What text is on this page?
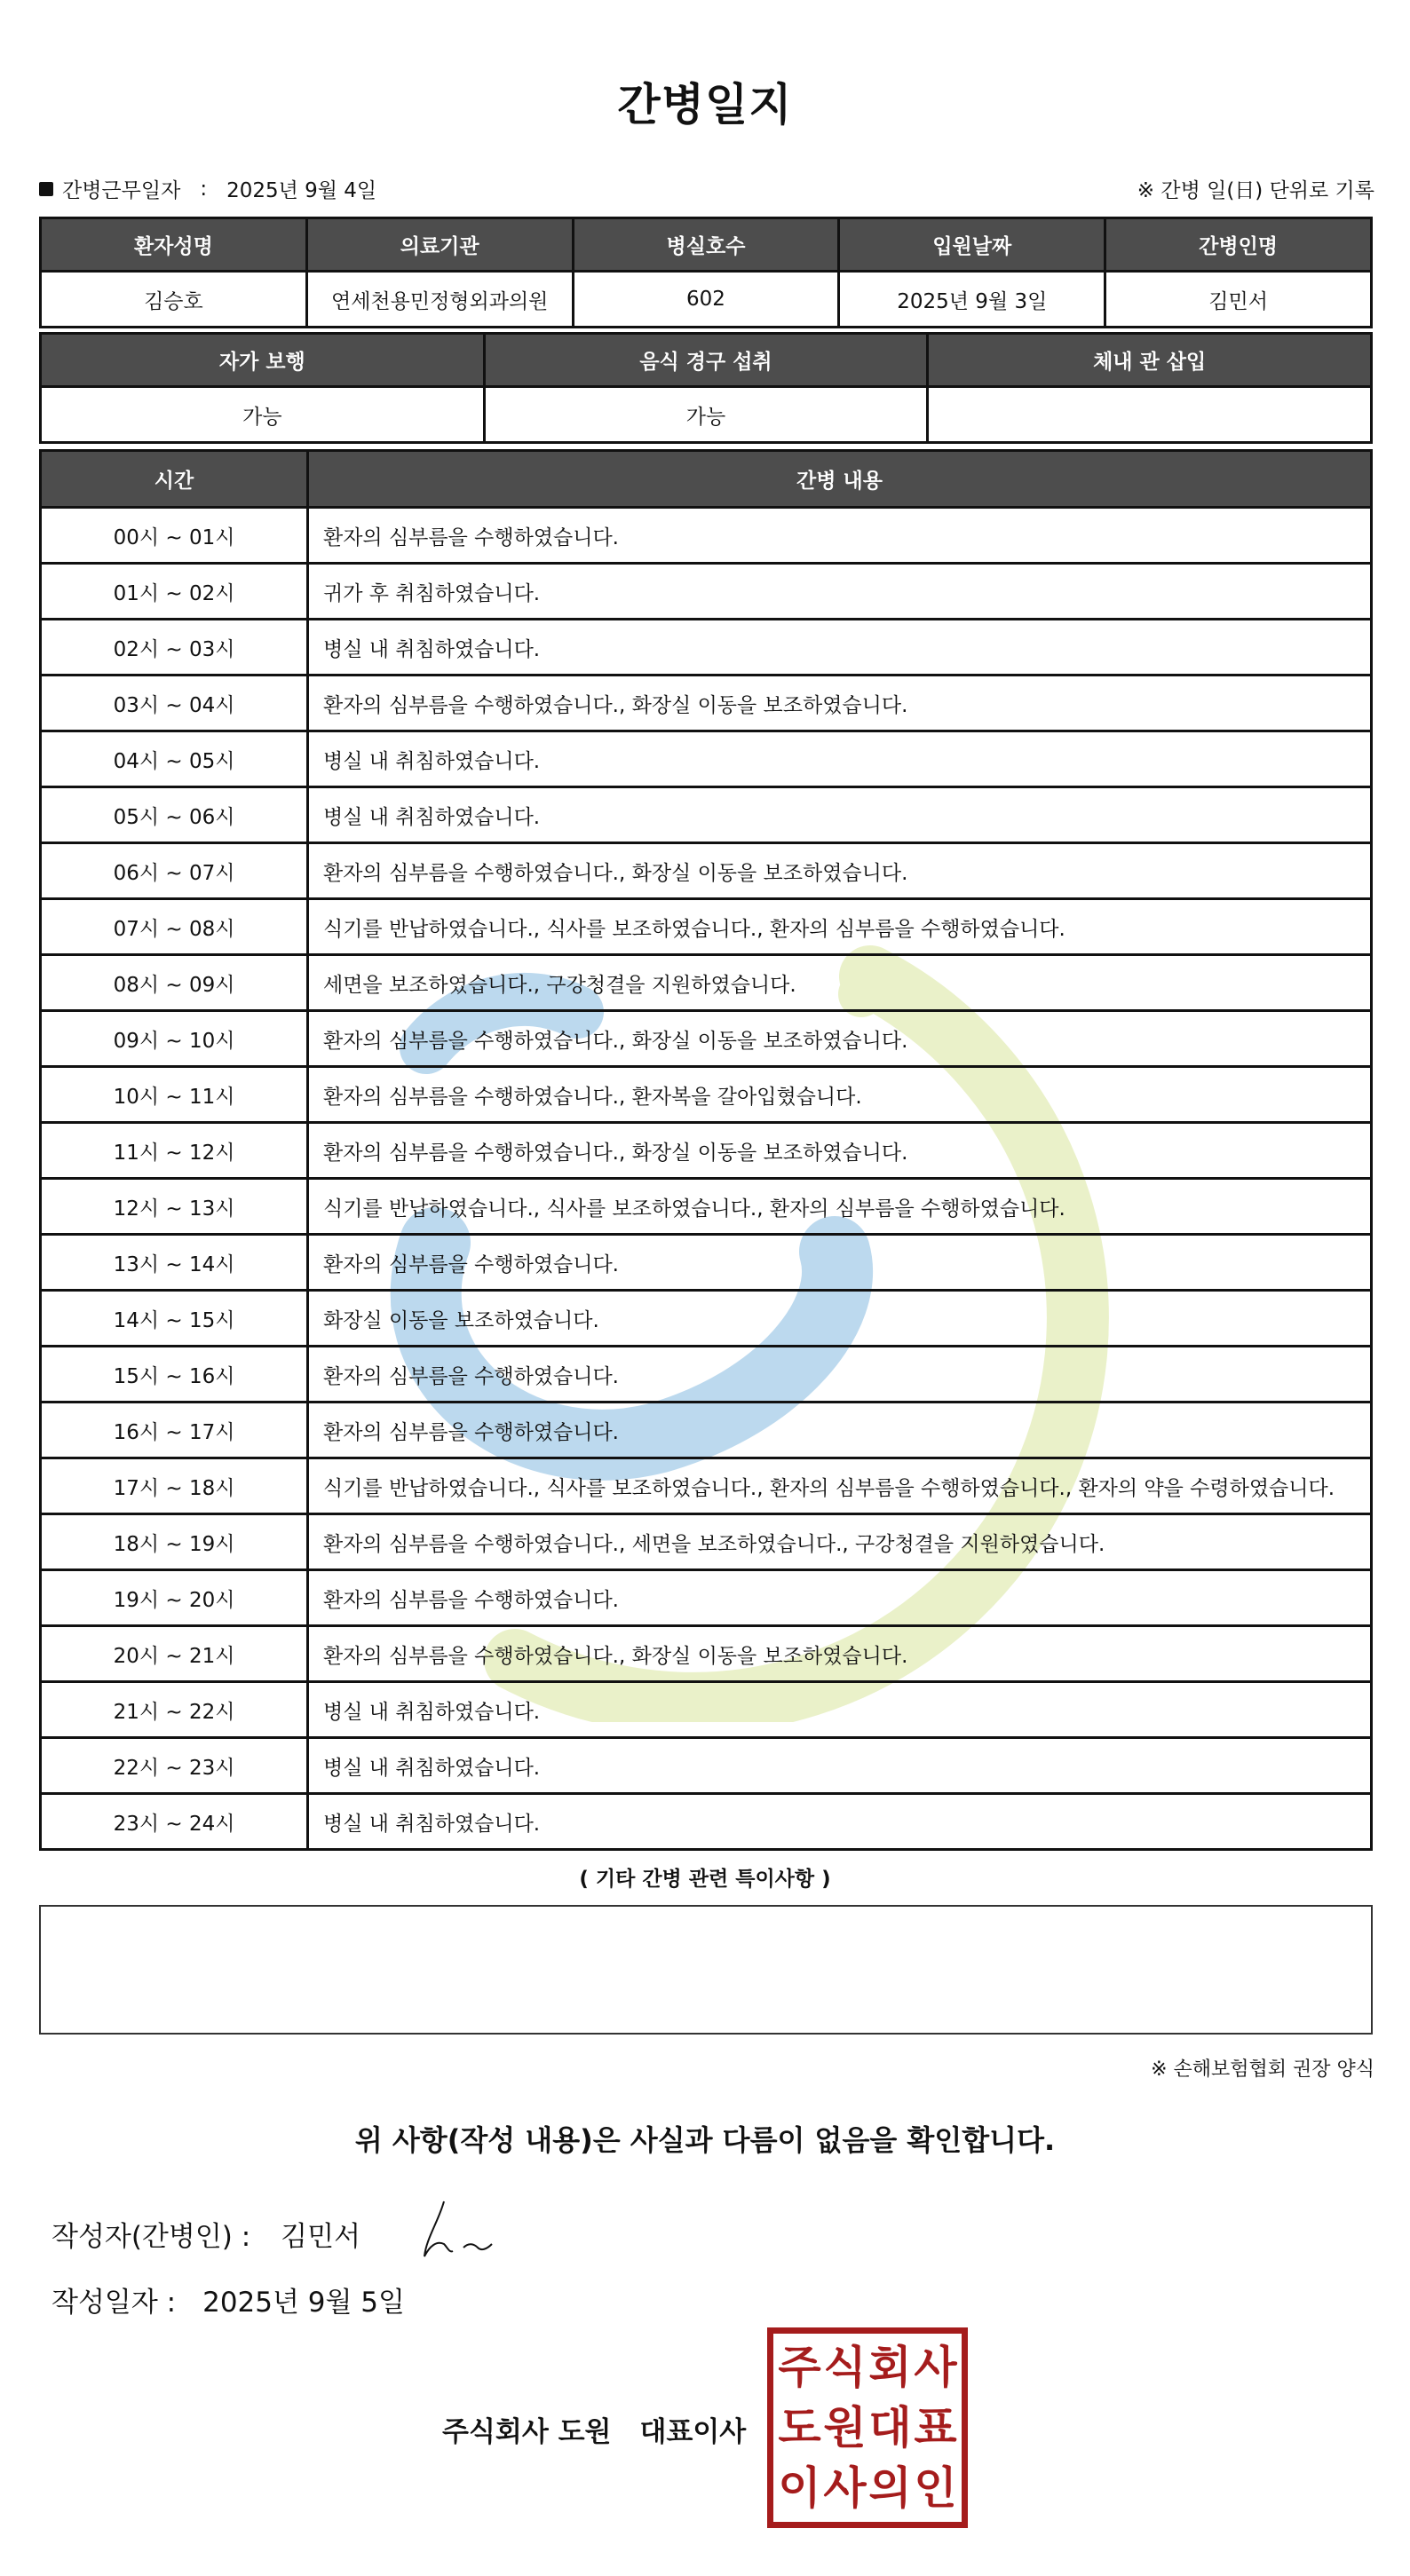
간병일지
간병근무일자 : 2025년 9월 4일	※ 간병 일(日) 단위로 기록
환자성명	의료기관	병실호수	입원날짜	간병인명
김승호	연세천용민정형외과의원	602	2025년 9월 3일	김민서
자가 보행	음식 경구 섭취	체내 관 삽입
가능	가능	
시간	간병 내용
00시 ~ 01시	환자의 심부름을 수행하였습니다.
01시 ~ 02시	귀가 후 취침하였습니다.
02시 ~ 03시	병실 내 취침하였습니다.
03시 ~ 04시	환자의 심부름을 수행하였습니다., 화장실 이동을 보조하였습니다.
04시 ~ 05시	병실 내 취침하였습니다.
05시 ~ 06시	병실 내 취침하였습니다.
06시 ~ 07시	환자의 심부름을 수행하였습니다., 화장실 이동을 보조하였습니다.
07시 ~ 08시	식기를 반납하였습니다., 식사를 보조하였습니다., 환자의 심부름을 수행하였습니다.
08시 ~ 09시	세면을 보조하였습니다., 구강청결을 지원하였습니다.
09시 ~ 10시	환자의 심부름을 수행하였습니다., 화장실 이동을 보조하였습니다.
10시 ~ 11시	환자의 심부름을 수행하였습니다., 환자복을 갈아입혔습니다.
11시 ~ 12시	환자의 심부름을 수행하였습니다., 화장실 이동을 보조하였습니다.
12시 ~ 13시	식기를 반납하였습니다., 식사를 보조하였습니다., 환자의 심부름을 수행하였습니다.
13시 ~ 14시	환자의 심부름을 수행하였습니다.
14시 ~ 15시	화장실 이동을 보조하였습니다.
15시 ~ 16시	환자의 심부름을 수행하였습니다.
16시 ~ 17시	환자의 심부름을 수행하였습니다.
17시 ~ 18시	식기를 반납하였습니다., 식사를 보조하였습니다., 환자의 심부름을 수행하였습니다., 환자의 약을 수령하였습니다.
18시 ~ 19시	환자의 심부름을 수행하였습니다., 세면을 보조하였습니다., 구강청결을 지원하였습니다.
19시 ~ 20시	환자의 심부름을 수행하였습니다.
20시 ~ 21시	환자의 심부름을 수행하였습니다., 화장실 이동을 보조하였습니다.
21시 ~ 22시	병실 내 취침하였습니다.
22시 ~ 23시	병실 내 취침하였습니다.
23시 ~ 24시	병실 내 취침하였습니다.
( 기타 간병 관련 특이사항 )
※ 손해보험협회 권장 양식
위 사항(작성 내용)은 사실과 다름이 없음을 확인합니다.
작성자(간병인) : 김민서
작성일자 : 2025년 9월 5일
주식회사 도원 대표이사
주 식 회 사
도 원 대 표
이 사 의 인
